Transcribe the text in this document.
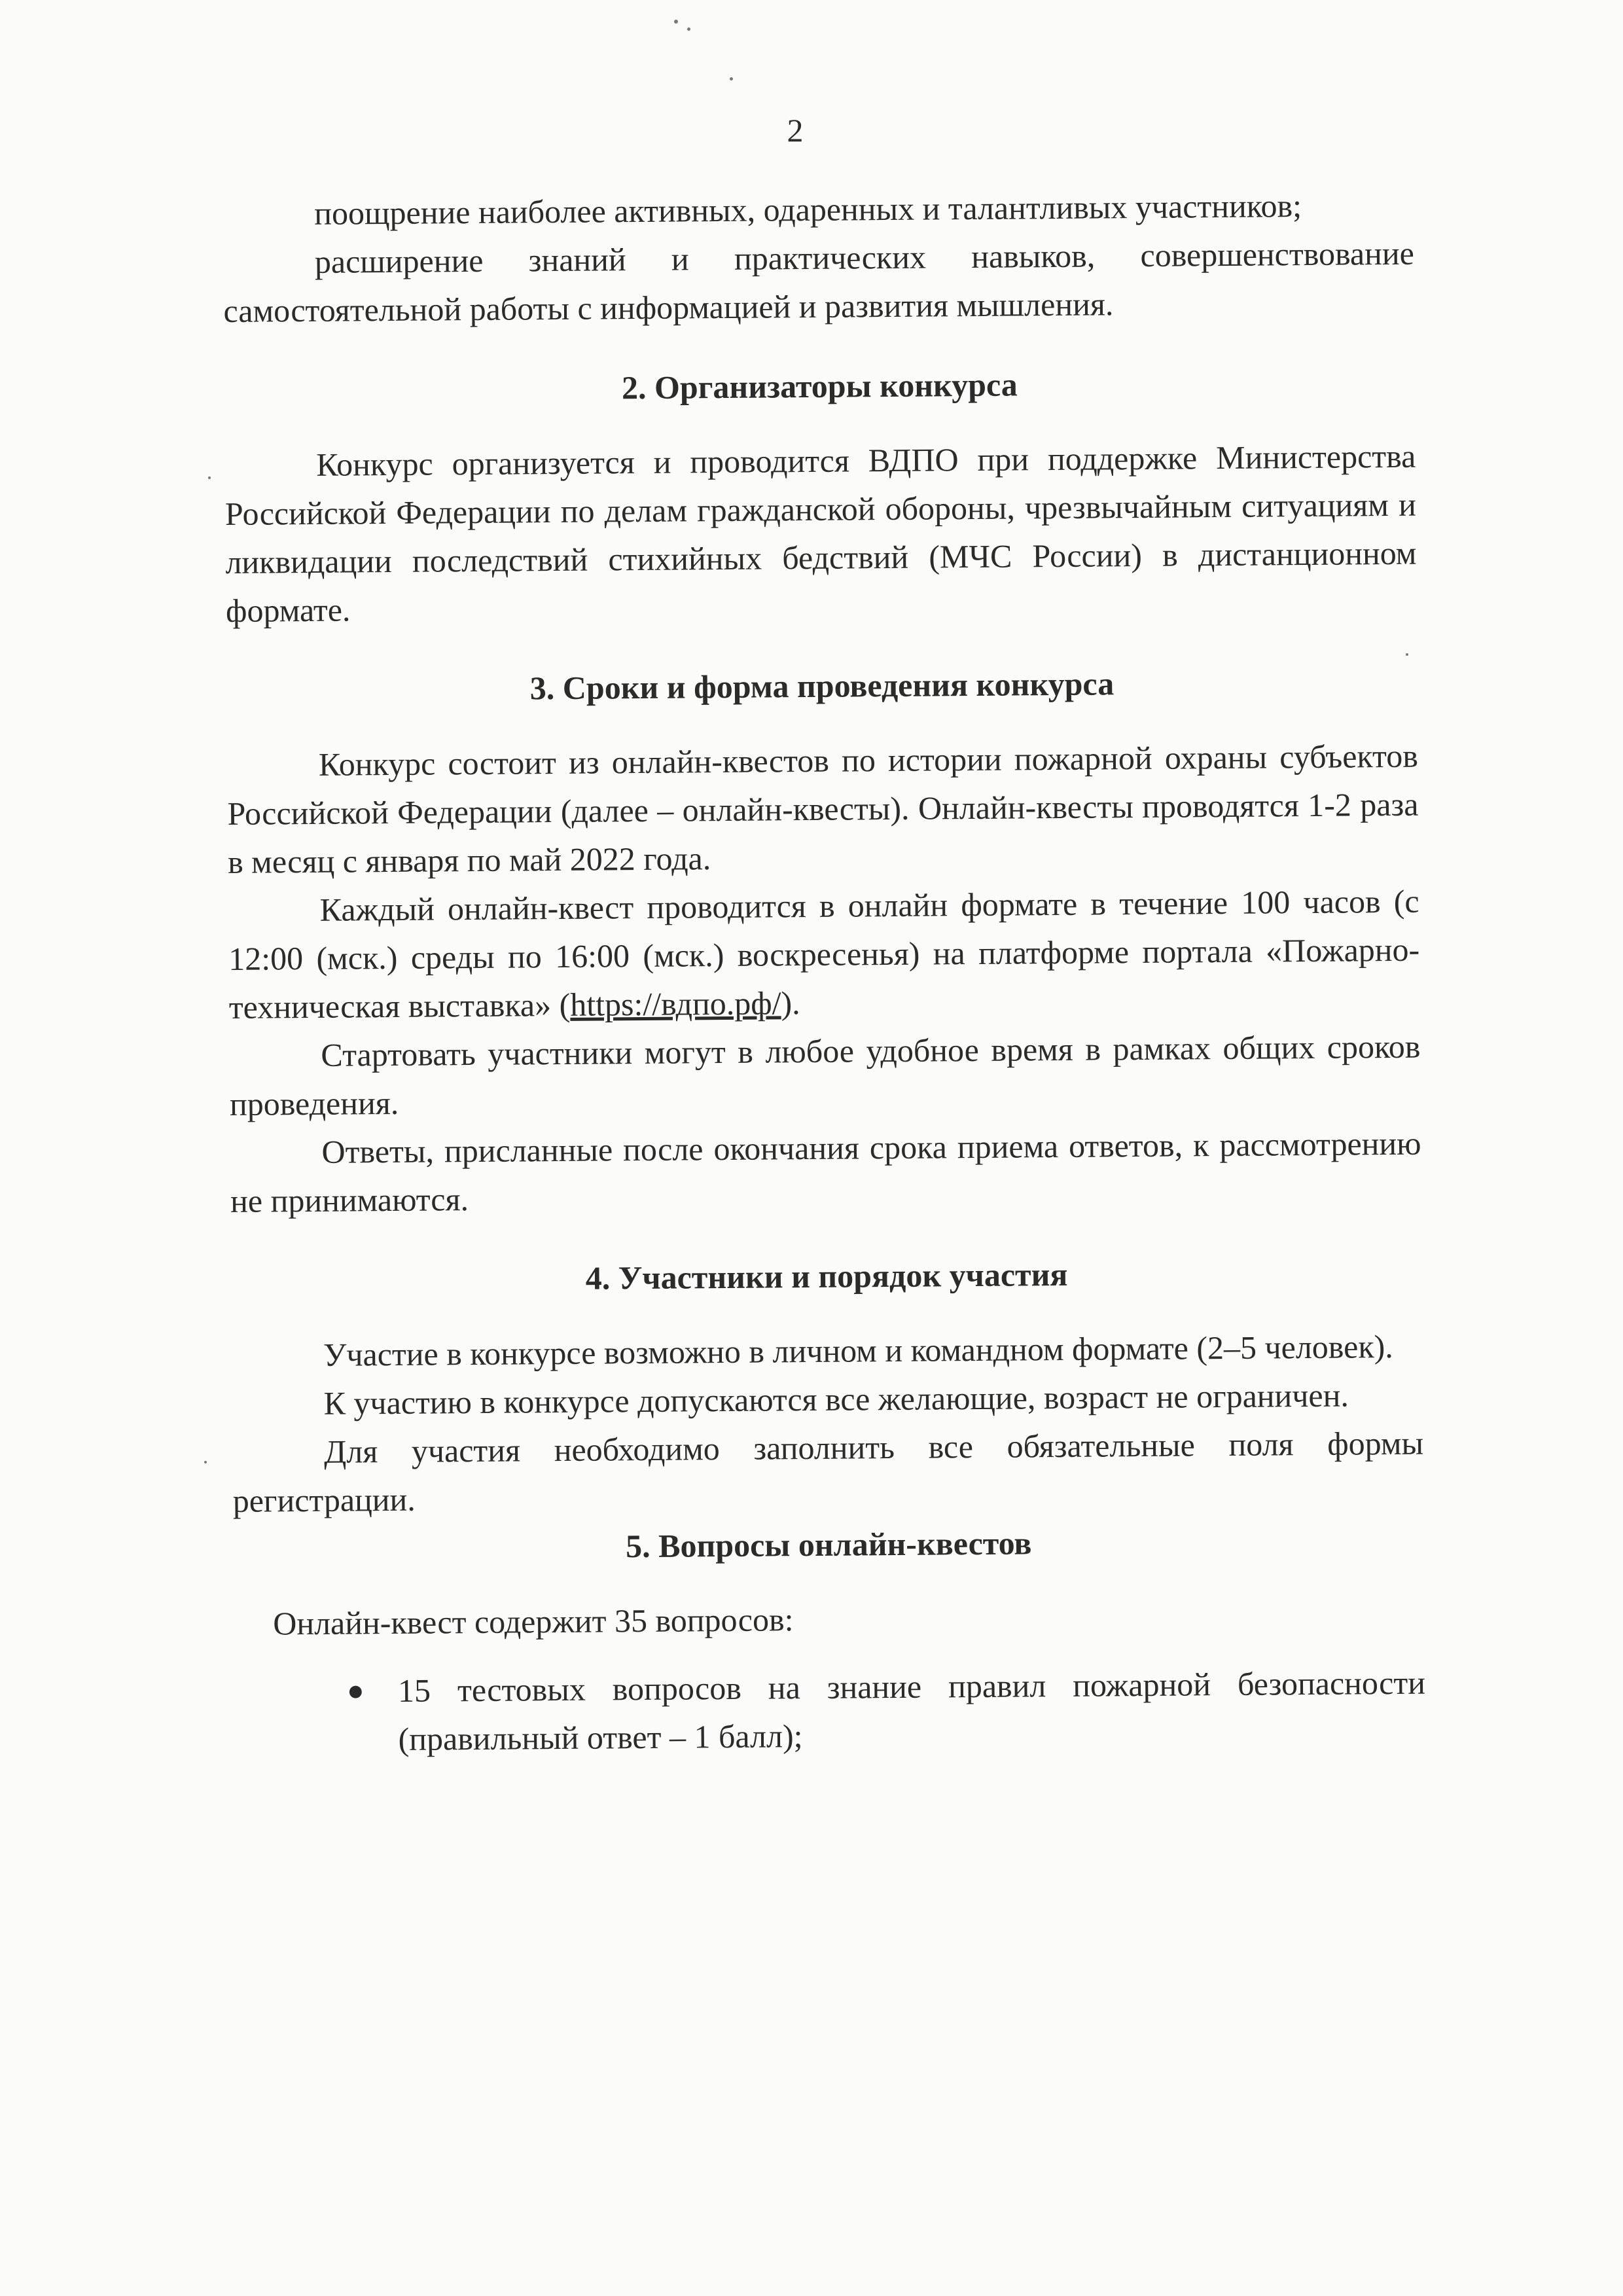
2

поощрение наиболее активных, одаренных и талантливых участников;

расширение знаний и практических навыков, совершенствование самостоятельной работы с информацией и развития мышления.

2. Организаторы конкурса

Конкурс организуется и проводится ВДПО при поддержке Министерства Российской Федерации по делам гражданской обороны, чрезвычайным ситуациям и ликвидации последствий стихийных бедствий (МЧС России) в дистанционном формате.

3. Сроки и форма проведения конкурса

Конкурс состоит из онлайн-квестов по истории пожарной охраны субъектов Российской Федерации (далее – онлайн-квесты). Онлайн-квесты проводятся 1-2 раза в месяц с января по май 2022 года.

Каждый онлайн-квест проводится в онлайн формате в течение 100 часов (с 12:00 (мск.) среды по 16:00 (мск.) воскресенья) на платформе портала «Пожарно-техническая выставка» (https://вдпо.рф/).

Стартовать участники могут в любое удобное время в рамках общих сроков проведения.

Ответы, присланные после окончания срока приема ответов, к рассмотрению не принимаются.

4. Участники и порядок участия

Участие в конкурсе возможно в личном и командном формате (2–5 человек).

К участию в конкурсе допускаются все желающие, возраст не ограничен.

Для участия необходимо заполнить все обязательные поля формы регистрации.

5. Вопросы онлайн-квестов

Онлайн-квест содержит 35 вопросов:

● 15 тестовых вопросов на знание правил пожарной безопасности (правильный ответ – 1 балл);
